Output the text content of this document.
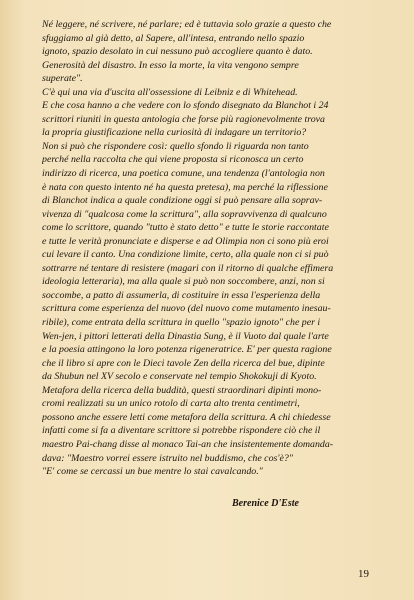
Né leggere, né scrivere, né parlare; ed è tuttavia solo grazie a questo che
sfuggiamo al già detto, al Sapere, all'intesa, entrando nello spazio
ignoto, spazio desolato in cui nessuno può accogliere quanto è dato.
Generosità del disastro. In esso la morte, la vita vengono sempre
superate".
C'è qui una via d'uscita all'ossessione di Leibniz e di Whitehead.
E che cosa hanno a che vedere con lo sfondo disegnato da Blanchot i 24
scrittori riuniti in questa antologia che forse più ragionevolmente trova
la propria giustificazione nella curiosità di indagare un territorio?
Non si può che rispondere così: quello sfondo li riguarda non tanto
perché nella raccolta che qui viene proposta si riconosca un certo
indirizzo di ricerca, una poetica comune, una tendenza (l'antologia non
è nata con questo intento né ha questa pretesa), ma perché la riflessione
di Blanchot indica a quale condizione oggi si può pensare alla soprav-
vivenza di "qualcosa come la scrittura", alla sopravvivenza di qualcuno
come lo scrittore, quando "tutto è stato detto" e tutte le storie raccontate
e tutte le verità pronunciate e disperse e ad Olimpia non ci sono più eroi
cui levare il canto. Una condizione limite, certo, alla quale non ci si può
sottrarre né tentare di resistere (magari con il ritorno di qualche effimera
ideologia letteraria), ma alla quale si può non soccombere, anzi, non si
soccombe, a patto di assumerla, di costituire in essa l'esperienza della
scrittura come esperienza del nuovo (del nuovo come mutamento inesau-
ribile), come entrata della scrittura in quello "spazio ignoto" che per i
Wen-jen, i pittori letterati della Dinastia Sung, è il Vuoto dal quale l'arte
e la poesia attingono la loro potenza rigeneratrice. E' per questa ragione
che il libro si apre con le Dieci tavole Zen della ricerca del bue, dipinte
da Shubun nel XV secolo e conservate nel tempio Shokokuji di Kyoto.
Metafora della ricerca della buddità, questi straordinari dipinti mono-
cromi realizzati su un unico rotolo di carta alto trenta centimetri,
possono anche essere letti come metafora della scrittura. A chi chiedesse
infatti come si fa a diventare scrittore si potrebbe rispondere ciò che il
maestro Pai-chang disse al monaco Tai-an che insistentemente domanda-
dava: "Maestro vorrei essere istruito nel buddismo, che cos'è?"
"E' come se cercassi un bue mentre lo stai cavalcando."
Berenice D'Este
19
